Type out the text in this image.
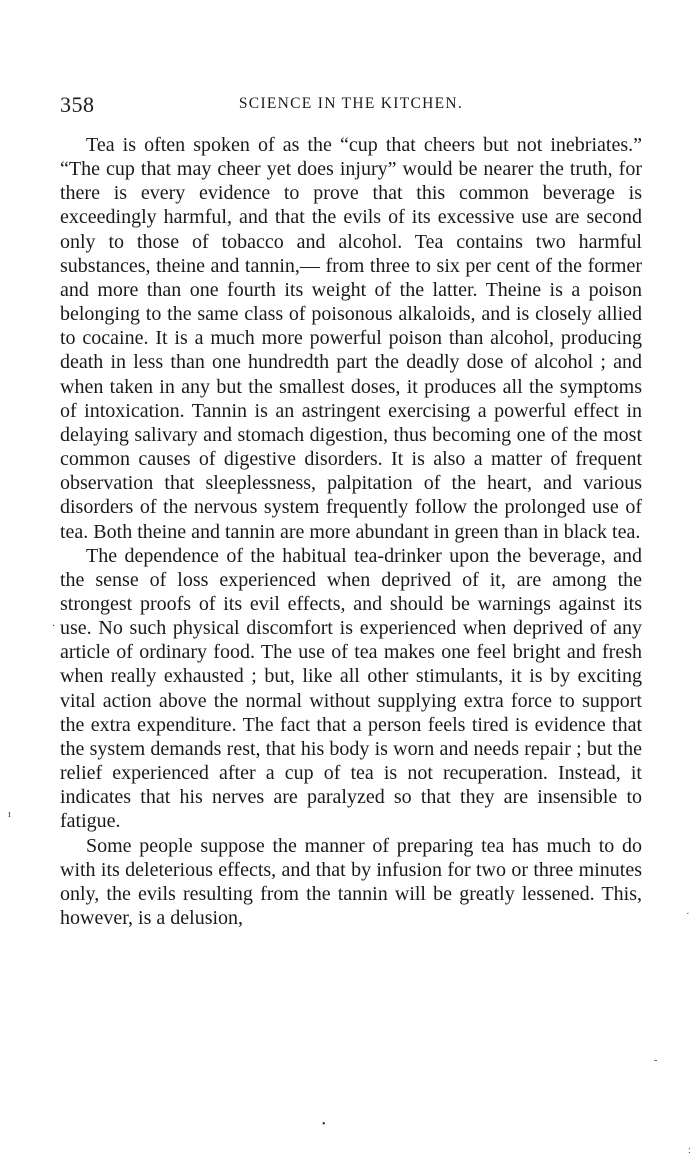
358	SCIENCE IN THE KITCHEN.

Tea is often spoken of as the “cup that cheers but not inebriates.” “The cup that may cheer yet does injury” would be nearer the truth, for there is every evidence to prove that this common beverage is exceedingly harmful, and that the evils of its excessive use are second only to those of tobacco and alcohol. Tea contains two harmful substances, theine and tannin,— from three to six per cent of the former and more than one fourth its weight of the latter. Theine is a poison belonging to the same class of poisonous alkaloids, and is closely allied to cocaine. It is a much more powerful poison than alcohol, producing death in less than one hundredth part the deadly dose of alcohol ; and when taken in any but the smallest doses, it produces all the symptoms of intoxication. Tannin is an astringent exercising a powerful effect in delaying salivary and stomach digestion, thus becoming one of the most common causes of digestive disorders. It is also a matter of frequent observation that sleeplessness, palpitation of the heart, and various disorders of the nervous system frequently follow the prolonged use of tea. Both theine and tannin are more abundant in green than in black tea.

The dependence of the habitual tea-drinker upon the beverage, and the sense of loss experienced when deprived of it, are among the strongest proofs of its evil effects, and should be warnings against its use. No such physical discomfort is experienced when deprived of any article of ordinary food. The use of tea makes one feel bright and fresh when really exhausted ; but, like all other stimulants, it is by exciting vital action above the normal without supplying extra force to support the extra expenditure. The fact that a person feels tired is evidence that the system demands rest, that his body is worn and needs repair ; but the relief experienced after a cup of tea is not recuperation. Instead, it indicates that his nerves are paralyzed so that they are insensible to fatigue.

Some people suppose the manner of preparing tea has much to do with its deleterious effects, and that by infusion for two or three minutes only, the evils resulting from the tannin will be greatly lessened. This, however, is a delusion,

·
ı
˯
-
•
˸
